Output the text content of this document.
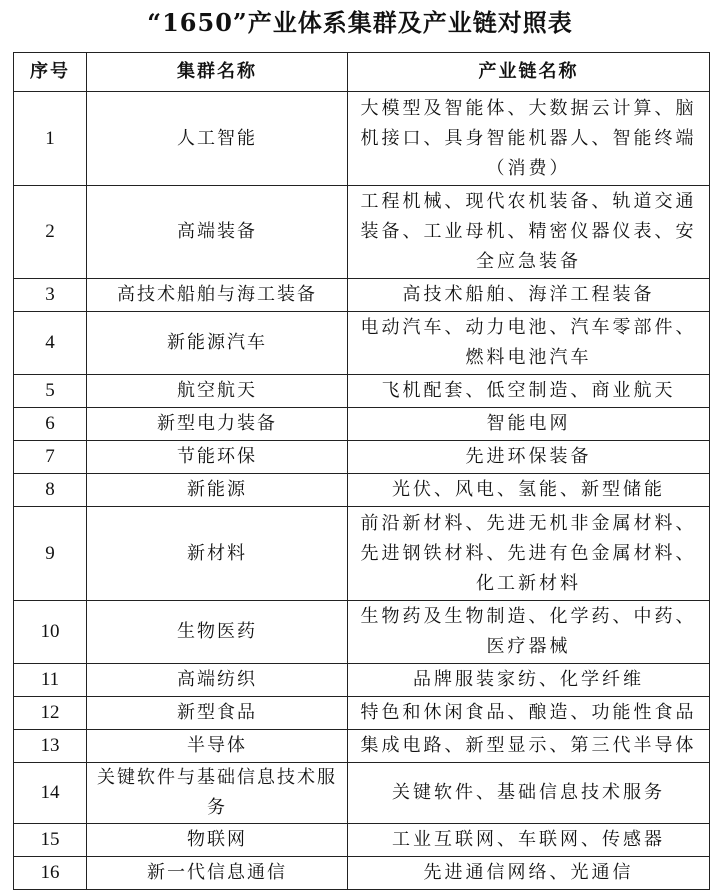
“1650”产业体系集群及产业链对照表
序号	集群名称	产业链名称
1	人工智能	大模型及智能体、大数据云计算、脑机接口、具身智能机器人、智能终端（消费）
2	高端装备	工程机械、现代农机装备、轨道交通装备、工业母机、精密仪器仪表、安全应急装备
3	高技术船舶与海工装备	高技术船舶、海洋工程装备
4	新能源汽车	电动汽车、动力电池、汽车零部件、燃料电池汽车
5	航空航天	飞机配套、低空制造、商业航天
6	新型电力装备	智能电网
7	节能环保	先进环保装备
8	新能源	光伏、风电、氢能、新型储能
9	新材料	前沿新材料、先进无机非金属材料、先进钢铁材料、先进有色金属材料、化工新材料
10	生物医药	生物药及生物制造、化学药、中药、医疗器械
11	高端纺织	品牌服装家纺、化学纤维
12	新型食品	特色和休闲食品、酿造、功能性食品
13	半导体	集成电路、新型显示、第三代半导体
14	关键软件与基础信息技术服务	关键软件、基础信息技术服务
15	物联网	工业互联网、车联网、传感器
16	新一代信息通信	先进通信网络、光通信
